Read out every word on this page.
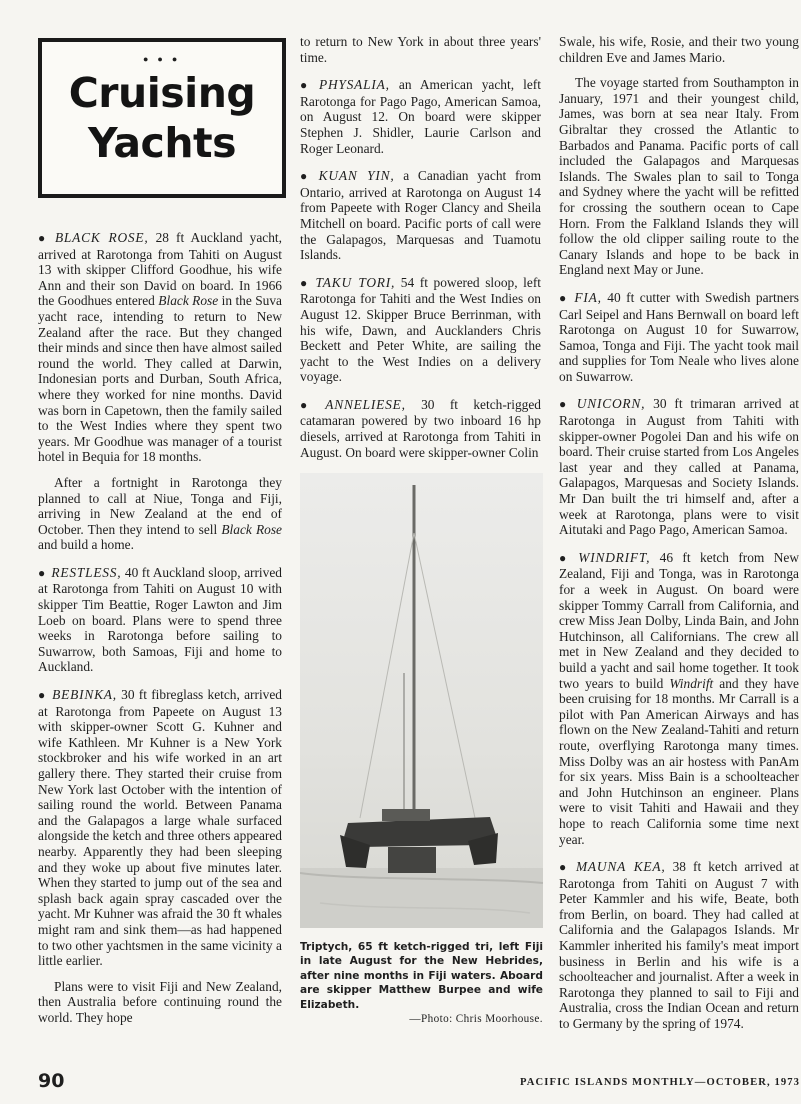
●●●
Cruising
Yachts

● BLACK ROSE, 28 ft Auckland yacht, arrived at Rarotonga from Tahiti on August 13 with skipper Clifford Goodhue, his wife Ann and their son David on board. In 1966 the Goodhues entered Black Rose in the Suva yacht race, intending to return to New Zealand after the race. But they changed their minds and since then have almost sailed round the world. They called at Darwin, Indonesian ports and Durban, South Africa, where they worked for nine months. David was born in Capetown, then the family sailed to the West Indies where they spent two years. Mr Goodhue was manager of a tourist hotel in Bequia for 18 months.

After a fortnight in Rarotonga they planned to call at Niue, Tonga and Fiji, arriving in New Zealand at the end of October. Then they intend to sell Black Rose and build a home.

● RESTLESS, 40 ft Auckland sloop, arrived at Rarotonga from Tahiti on August 10 with skipper Tim Beattie, Roger Lawton and Jim Loeb on board. Plans were to spend three weeks in Rarotonga before sailing to Suwarrow, both Samoas, Fiji and home to Auckland.

● BEBINKA, 30 ft fibreglass ketch, arrived at Rarotonga from Papeete on August 13 with skipper-owner Scott G. Kuhner and wife Kathleen. Mr Kuhner is a New York stockbroker and his wife worked in an art gallery there. They started their cruise from New York last October with the intention of sailing round the world. Between Panama and the Galapagos a large whale surfaced alongside the ketch and three others appeared nearby. Apparently they had been sleeping and they woke up about five minutes later. When they started to jump out of the sea and splash back again spray cascaded over the yacht. Mr Kuhner was afraid the 30 ft whales might ram and sink them—as had happened to two other yachtsmen in the same vicinity a little earlier.

Plans were to visit Fiji and New Zealand, then Australia before continuing round the world. They hope

to return to New York in about three years' time.

● PHYSALIA, an American yacht, left Rarotonga for Pago Pago, American Samoa, on August 12. On board were skipper Stephen J. Shidler, Laurie Carlson and Roger Leonard.

● KUAN YIN, a Canadian yacht from Ontario, arrived at Rarotonga on August 14 from Papeete with Roger Clancy and Sheila Mitchell on board. Pacific ports of call were the Galapagos, Marquesas and Tuamotu Islands.

● TAKU TORI, 54 ft powered sloop, left Rarotonga for Tahiti and the West Indies on August 12. Skipper Bruce Berrinman, with his wife, Dawn, and Aucklanders Chris Beckett and Peter White, are sailing the yacht to the West Indies on a delivery voyage.

● ANNELIESE, 30 ft ketch-rigged catamaran powered by two inboard 16 hp diesels, arrived at Rarotonga from Tahiti in August. On board were skipper-owner Colin

Triptych, 65 ft ketch-rigged tri, left Fiji in late August for the New Hebrides, after nine months in Fiji waters. Aboard are skipper Matthew Burpee and wife Elizabeth.
—Photo: Chris Moorhouse.

Swale, his wife, Rosie, and their two young children Eve and James Mario.

The voyage started from Southampton in January, 1971 and their youngest child, James, was born at sea near Italy. From Gibraltar they crossed the Atlantic to Barbados and Panama. Pacific ports of call included the Galapagos and Marquesas Islands. The Swales plan to sail to Tonga and Sydney where the yacht will be refitted for crossing the southern ocean to Cape Horn. From the Falkland Islands they will follow the old clipper sailing route to the Canary Islands and hope to be back in England next May or June.

● FIA, 40 ft cutter with Swedish partners Carl Seipel and Hans Bernwall on board left Rarotonga on August 10 for Suwarrow, Samoa, Tonga and Fiji. The yacht took mail and supplies for Tom Neale who lives alone on Suwarrow.

● UNICORN, 30 ft trimaran arrived at Rarotonga in August from Tahiti with skipper-owner Pogolei Dan and his wife on board. Their cruise started from Los Angeles last year and they called at Panama, Galapagos, Marquesas and Society Islands. Mr Dan built the tri himself and, after a week at Rarotonga, plans were to visit Aitutaki and Pago Pago, American Samoa.

● WINDRIFT, 46 ft ketch from New Zealand, Fiji and Tonga, was in Rarotonga for a week in August. On board were skipper Tommy Carrall from California, and crew Miss Jean Dolby, Linda Bain, and John Hutchinson, all Californians. The crew all met in New Zealand and they decided to build a yacht and sail home together. It took two years to build Windrift and they have been cruising for 18 months. Mr Carrall is a pilot with Pan American Airways and has flown on the New Zealand-Tahiti and return route, overflying Rarotonga many times. Miss Dolby was an air hostess with PanAm for six years. Miss Bain is a schoolteacher and John Hutchinson an engineer. Plans were to visit Tahiti and Hawaii and they hope to reach California some time next year.

● MAUNA KEA, 38 ft ketch arrived at Rarotonga from Tahiti on August 7 with Peter Kammler and his wife, Beate, both from Berlin, on board. They had called at California and the Galapagos Islands. Mr Kammler inherited his family's meat import business in Berlin and his wife is a schoolteacher and journalist. After a week in Rarotonga they planned to sail to Fiji and Australia, cross the Indian Ocean and return to Germany by the spring of 1974.

90	PACIFIC ISLANDS MONTHLY—OCTOBER, 1973
